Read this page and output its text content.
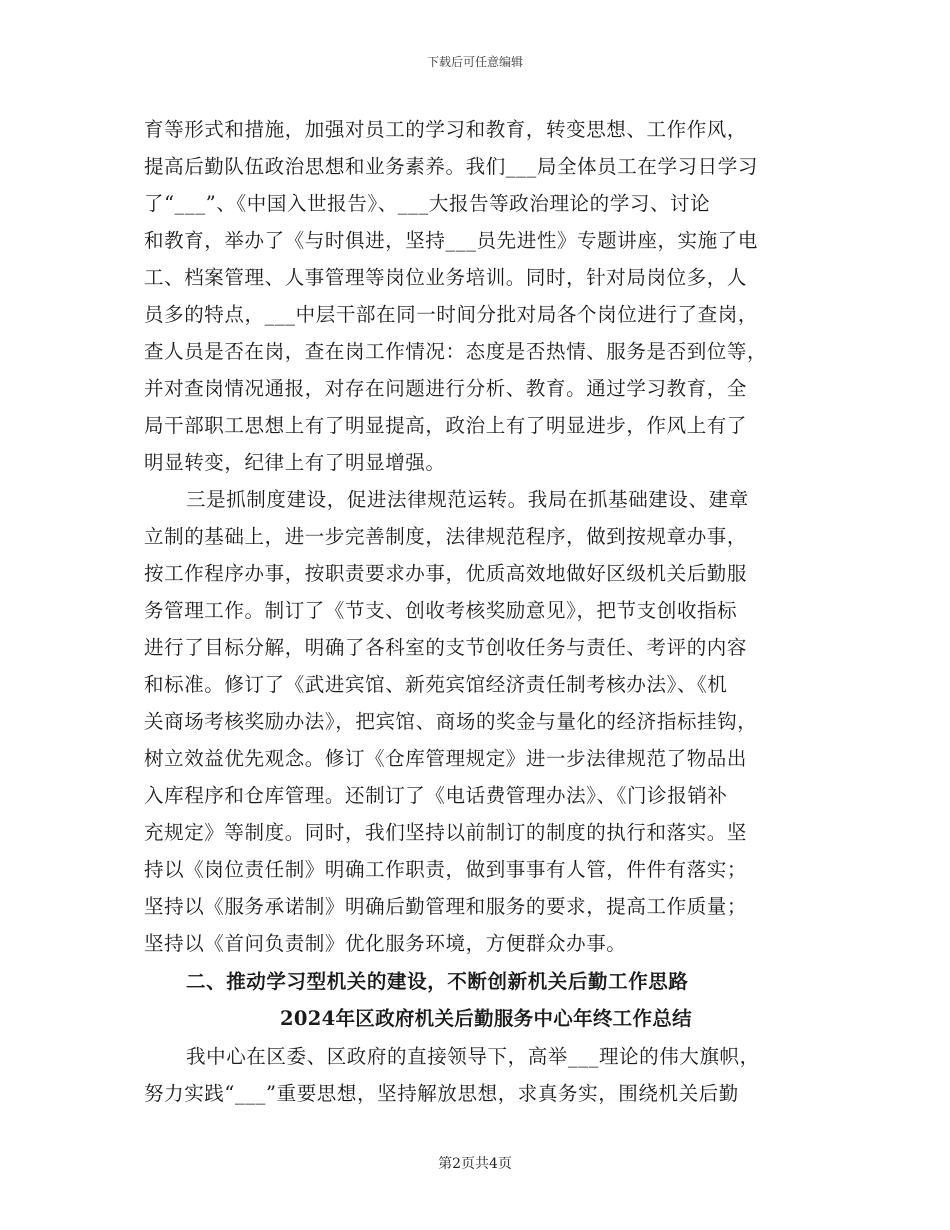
下载后可任意编辑
育等形式和措施，加强对员工的学习和教育，转变思想、工作作风，
提高后勤队伍政治思想和业务素养。我们___局全体员工在学习日学习
了“___”、《中国入世报告》、___大报告等政治理论的学习、讨论
和教育，举办了《与时俱进，坚持___员先进性》专题讲座，实施了电
工、档案管理、人事管理等岗位业务培训。同时，针对局岗位多，人
员多的特点，___中层干部在同一时间分批对局各个岗位进行了查岗，
查人员是否在岗，查在岗工作情况：态度是否热情、服务是否到位等，
并对查岗情况通报，对存在问题进行分析、教育。通过学习教育，全
局干部职工思想上有了明显提高，政治上有了明显进步，作风上有了
明显转变，纪律上有了明显增强。
三是抓制度建设，促进法律规范运转。我局在抓基础建设、建章
立制的基础上，进一步完善制度，法律规范程序，做到按规章办事，
按工作程序办事，按职责要求办事，优质高效地做好区级机关后勤服
务管理工作。制订了《节支、创收考核奖励意见》，把节支创收指标
进行了目标分解，明确了各科室的支节创收任务与责任、考评的内容
和标准。修订了《武进宾馆、新苑宾馆经济责任制考核办法》、《机
关商场考核奖励办法》，把宾馆、商场的奖金与量化的经济指标挂钩，
树立效益优先观念。修订《仓库管理规定》进一步法律规范了物品出
入库程序和仓库管理。还制订了《电话费管理办法》、《门诊报销补
充规定》等制度。同时，我们坚持以前制订的制度的执行和落实。坚
持以《岗位责任制》明确工作职责，做到事事有人管，件件有落实；
坚持以《服务承诺制》明确后勤管理和服务的要求，提高工作质量；
坚持以《首问负责制》优化服务环境，方便群众办事。
二、推动学习型机关的建设，不断创新机关后勤工作思路
2024年区政府机关后勤服务中心年终工作总结
我中心在区委、区政府的直接领导下，高举___理论的伟大旗帜，
努力实践“___”重要思想，坚持解放思想，求真务实，围绕机关后勤
第2页共4页
